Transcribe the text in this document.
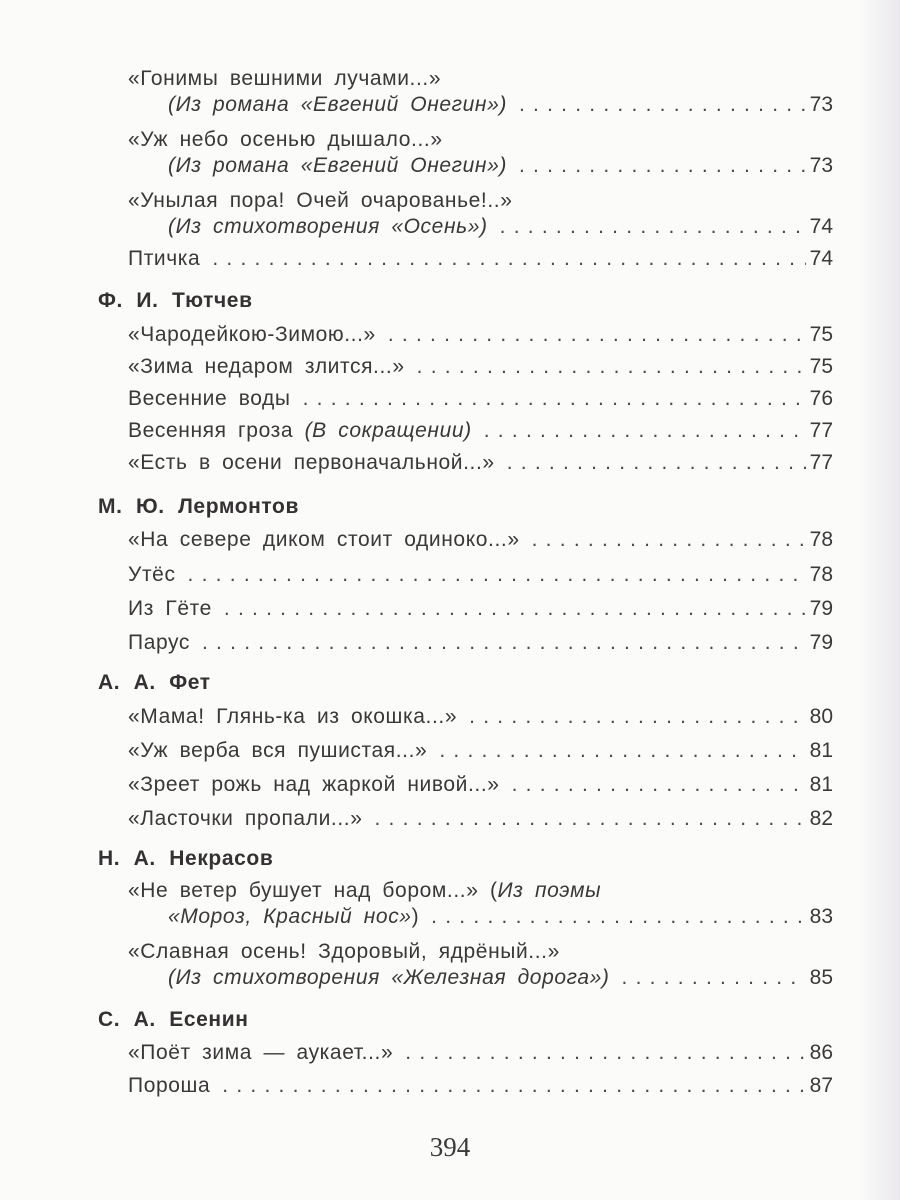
«Гонимы вешними лучами...»
(Из романа «Евгений Онегин») . . .	73
«Уж небо осенью дышало...»
(Из романа «Евгений Онегин») . . .	73
«Унылая пора! Очей очарованье!..»
(Из стихотворения «Осень») . . .	74
Птичка . . .	74
Ф. И. Тютчев
«Чародейкою-Зимою...» . . .	75
«Зима недаром злится...» . . .	75
Весенние воды . . .	76
Весенняя гроза (В сокращении) . . .	77
«Есть в осени первоначальной...» . . .	77
М. Ю. Лермонтов
«На севере диком стоит одиноко...» . . .	78
Утёс . . .	78
Из Гёте . . .	79
Парус . . .	79
А. А. Фет
«Мама! Глянь-ка из окошка...» . . .	80
«Уж верба вся пушистая...» . . .	81
«Зреет рожь над жаркой нивой...» . . .	81
«Ласточки пропали...» . . .	82
Н. А. Некрасов
«Не ветер бушует над бором...» (Из поэмы
«Мороз, Красный нос») . . .	83
«Славная осень! Здоровый, ядрёный...»
(Из стихотворения «Железная дорога») . . .	85
С. А. Есенин
«Поёт зима — аукает...» . . .	86
Пороша . . .	87
394
